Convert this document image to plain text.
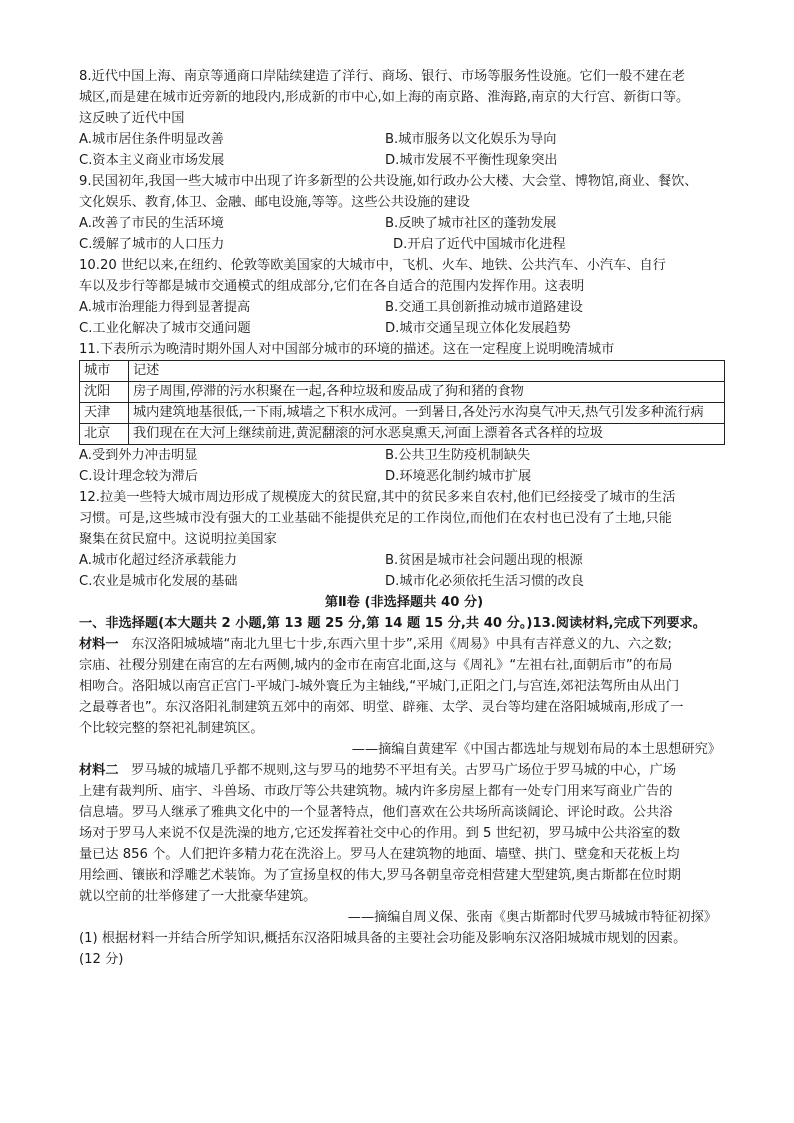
8.近代中国上海、南京等通商口岸陆续建造了洋行、商场、银行、市场等服务性设施。它们一般不建在老
城区,而是建在城市近旁新的地段内,形成新的市中心,如上海的南京路、淮海路,南京的大行宫、新街口等。
这反映了近代中国
A.城市居住条件明显改善	B.城市服务以文化娱乐为导向
C.资本主义商业市场发展	D.城市发展不平衡性现象突出
9.民国初年,我国一些大城市中出现了许多新型的公共设施,如行政办公大楼、大会堂、博物馆,商业、餐饮、
文化娱乐、教育,体卫、金融、邮电设施,等等。这些公共设施的建设
A.改善了市民的生活环境	B.反映了城市社区的蓬勃发展
C.缓解了城市的人口压力	D.开启了近代中国城市化进程
10.20 世纪以来,在纽约、伦敦等欧美国家的大城市中，飞机、火车、地铁、公共汽车、小汽车、自行
车以及步行等都是城市交通模式的组成部分,它们在各自适合的范围内发挥作用。这表明
A.城市治理能力得到显著提高	B.交通工具创新推动城市道路建设
C.工业化解决了城市交通问题	D.城市交通呈现立体化发展趋势
11.下表所示为晚清时期外国人对中国部分城市的环境的描述。这在一定程度上说明晚清城市
城市	记述
沈阳	房子周围,停滞的污水积聚在一起,各种垃圾和废品成了狗和猪的食物
天津	城内建筑地基很低,一下雨,城墙之下积水成河。一到暑日,各处污水沟臭气冲天,热气引发多种流行病
北京	我们现在在大河上继续前进,黄泥翻滚的河水恶臭熏天,河面上漂着各式各样的垃圾
A.受到外力冲击明显	B.公共卫生防疫机制缺失
C.设计理念较为滞后	D.环境恶化制约城市扩展
12.拉美一些特大城市周边形成了规模庞大的贫民窟,其中的贫民多来自农村,他们已经接受了城市的生活
习惯。可是,这些城市没有强大的工业基础不能提供充足的工作岗位,而他们在农村也已没有了土地,只能
聚集在贫民窟中。这说明拉美国家
A.城市化超过经济承载能力	B.贫困是城市社会问题出现的根源
C.农业是城市化发展的基础	D.城市化必须依托生活习惯的改良
第Ⅱ卷 (非选择题共 40 分)
一、非选择题(本大题共 2 小题,第 13 题 25 分,第 14 题 15 分,共 40 分。)13.阅读材料,完成下列要求。
材料一 东汉洛阳城城墙“南北九里七十步,东西六里十步”,采用《周易》中具有吉祥意义的九、六之数;
宗庙、社稷分别建在南宫的左右两侧,城内的金市在南宫北面,这与《周礼》“左祖右社,面朝后市”的布局
相吻合。洛阳城以南宫正宫门-平城门-城外寰丘为主轴线,“平城门,正阳之门,与宫连,郊祀法驾所由从出门
之最尊者也”。东汉洛阳礼制建筑五郊中的南郊、明堂、辟雍、太学、灵台等均建在洛阳城城南,形成了一
个比较完整的祭祀礼制建筑区。
——摘编自黄建军《中国古都选址与规划布局的本土思想研究》
材料二 罗马城的城墙几乎都不规则,这与罗马的地势不平坦有关。古罗马广场位于罗马城的中心，广场
上建有裁判所、庙宇、斗兽场、市政厅等公共建筑物。城内许多房屋上都有一处专门用来写商业广告的
信息墙。罗马人继承了雅典文化中的一个显著特点，他们喜欢在公共场所高谈阔论、评论时政。公共浴
场对于罗马人来说不仅是洗澡的地方,它还发挥着社交中心的作用。到 5 世纪初，罗马城中公共浴室的数
量已达 856 个。人们把许多精力花在洗浴上。罗马人在建筑物的地面、墙壁、拱门、壁龛和天花板上均
用绘画、镶嵌和浮雕艺术装饰。为了宣扬皇权的伟大,罗马各朝皇帝竞相营建大型建筑,奥古斯都在位时期
就以空前的壮举修建了一大批豪华建筑。
——摘编自周义保、张南《奥古斯都时代罗马城城市特征初探》
(1) 根据材料一并结合所学知识,概括东汉洛阳城具备的主要社会功能及影响东汉洛阳城城市规划的因素。
(12 分)
